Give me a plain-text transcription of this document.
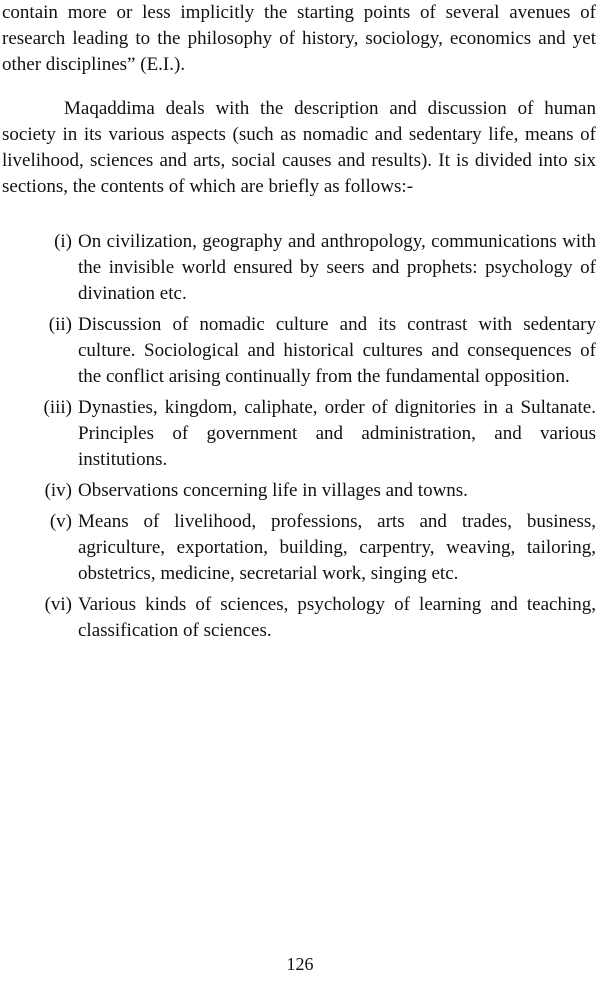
contain more or less implicitly the starting points of several avenues of research leading to the philosophy of history, sociology, economics and yet other disciplines” (E.I.).

Maqaddima deals with the description and discussion of human society in its various aspects (such as nomadic and sedentary life, means of livelihood, sciences and arts, social causes and results). It is divided into six sections, the contents of which are briefly as follows:-

(i) On civilization, geography and anthropology, communications with the invisible world ensured by seers and prophets: psychology of divination etc.
(ii) Discussion of nomadic culture and its contrast with sedentary culture. Sociological and historical cultures and consequences of the conflict arising continually from the fundamental opposition.
(iii) Dynasties, kingdom, caliphate, order of dignitories in a Sultanate. Principles of government and administration, and various institutions.
(iv) Observations concerning life in villages and towns.
(v) Means of livelihood, professions, arts and trades, business, agriculture, exportation, building, carpentry, weaving, tailoring, obstetrics, medicine, secretarial work, singing etc.
(vi) Various kinds of sciences, psychology of learning and teaching, classification of sciences.
126
